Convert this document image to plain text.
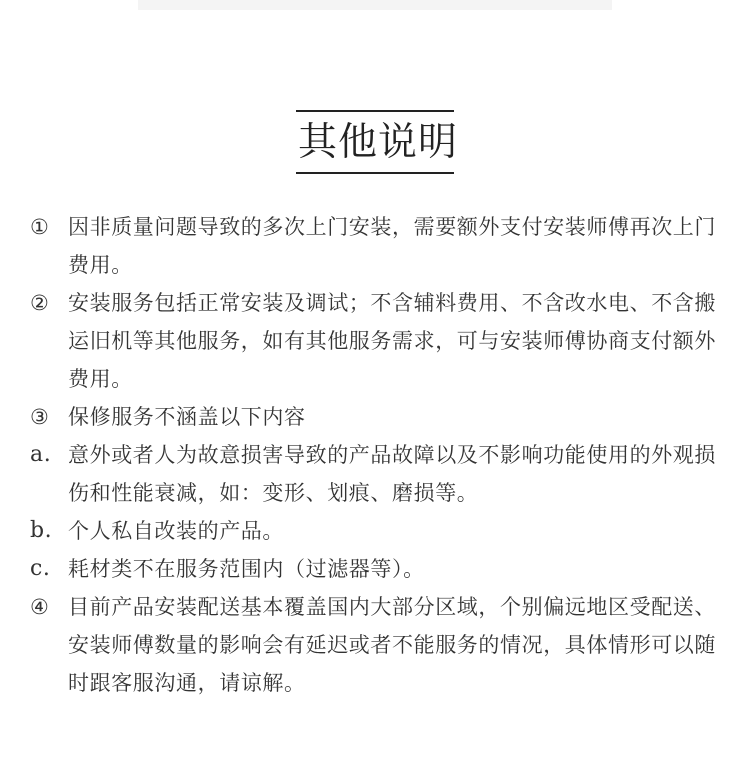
其他说明
① 因非质量问题导致的多次上门安装，需要额外支付安装师傅再次上门费用。
② 安装服务包括正常安装及调试；不含辅料费用、不含改水电、不含搬运旧机等其他服务，如有其他服务需求，可与安装师傅协商支付额外费用。
③ 保修服务不涵盖以下内容
a. 意外或者人为故意损害导致的产品故障以及不影响功能使用的外观损伤和性能衰减，如：变形、划痕、磨损等。
b. 个人私自改装的产品。
c. 耗材类不在服务范围内（过滤器等）。
④ 目前产品安装配送基本覆盖国内大部分区域，个别偏远地区受配送、安装师傅数量的影响会有延迟或者不能服务的情况，具体情形可以随时跟客服沟通，请谅解。
